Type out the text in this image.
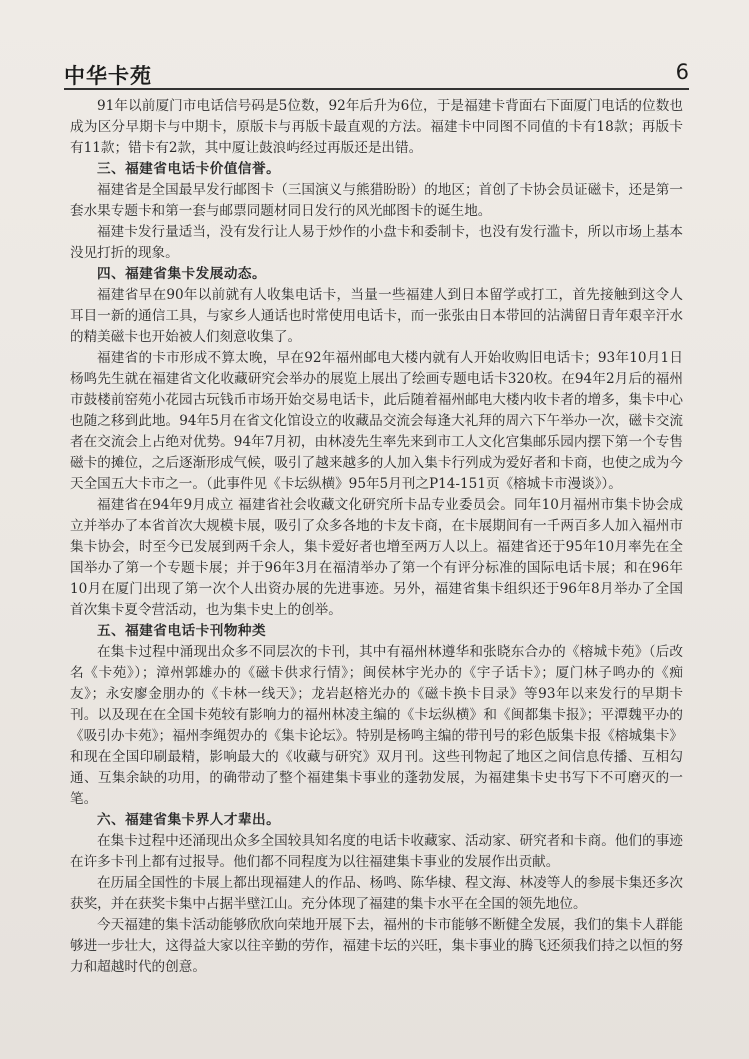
中华卡苑	6

91年以前厦门市电话信号码是5位数，92年后升为6位，于是福建卡背面右下面厦门电话的位数也成为区分早期卡与中期卡，原版卡与再版卡最直观的方法。福建卡中同图不同值的卡有18款；再版卡有11款；错卡有2款，其中厦让鼓浪屿经过再版还是出错。

三、福建省电话卡价值信誉。

福建省是全国最早发行邮图卡（三国演义与熊猎盼盼）的地区；首创了卡协会员证磁卡，还是第一套水果专题卡和第一套与邮票同题材同日发行的风光邮图卡的诞生地。

福建卡发行量适当，没有发行让人易于炒作的小盘卡和委制卡，也没有发行滥卡，所以市场上基本没见打折的现象。

四、福建省集卡发展动态。

福建省早在90年以前就有人收集电话卡，当量一些福建人到日本留学或打工，首先接触到这令人耳目一新的通信工具，与家乡人通话也时常使用电话卡，而一张张由日本带回的沾满留日青年艰辛汗水的精美磁卡也开始被人们刻意收集了。

福建省的卡市形成不算太晚，早在92年福州邮电大楼内就有人开始收购旧电话卡；93年10月1日杨鸣先生就在福建省文化收藏研究会举办的展览上展出了绘画专题电话卡320枚。在94年2月后的福州市鼓楼前窑苑小花园古玩钱币市场开始交易电话卡，此后随着福州邮电大楼内收卡者的增多，集卡中心也随之移到此地。94年5月在省文化馆设立的收藏品交流会每逢大礼拜的周六下午举办一次，磁卡交流者在交流会上占绝对优势。94年7月初，由林凌先生率先来到市工人文化宫集邮乐园内摆下第一个专售磁卡的摊位，之后逐渐形成气候，吸引了越来越多的人加入集卡行列成为爱好者和卡商，也使之成为今天全国五大卡市之一。（此事件见《卡坛纵横》95年5月刊之P14-151页《榕城卡市漫谈》）。

福建省在94年9月成立 福建省社会收藏文化研究所卡品专业委员会。同年10月福州市集卡协会成立并举办了本省首次大规模卡展，吸引了众多各地的卡友卡商，在卡展期间有一千两百多人加入福州市集卡协会，时至今已发展到两千余人，集卡爱好者也增至两万人以上。福建省还于95年10月率先在全国举办了第一个专题卡展；并于96年3月在福清举办了第一个有评分标准的国际电话卡展；和在96年10月在厦门出现了第一次个人出资办展的先进事迹。另外，福建省集卡组织还于96年8月举办了全国首次集卡夏令营活动，也为集卡史上的创举。

五、福建省电话卡刊物种类

在集卡过程中涌现出众多不同层次的卡刊，其中有福州林遵华和张晓东合办的《榕城卡苑》（后改名《卡苑》）；漳州郭雄办的《磁卡供求行情》；闽侯林宇光办的《宇子话卡》；厦门林子鸣办的《痴友》；永安廖金朋办的《卡林一线天》；龙岩赵榕光办的《磁卡换卡目录》等93年以来发行的早期卡刊。以及现在在全国卡苑较有影响力的福州林凌主编的《卡坛纵横》和《闽都集卡报》；平潭魏平办的《吸引办卡苑》；福州李绳贺办的《集卡论坛》。特别是杨鸣主编的带刊号的彩色版集卡报《榕城集卡》和现在全国印刷最精，影响最大的《收藏与研究》双月刊。这些刊物起了地区之间信息传播、互相勾通、互集余缺的功用，的确带动了整个福建集卡事业的蓬勃发展，为福建集卡史书写下不可磨灭的一笔。

六、福建省集卡界人才辈出。

在集卡过程中还涌现出众多全国较具知名度的电话卡收藏家、活动家、研究者和卡商。他们的事迹在许多卡刊上都有过报导。他们都不同程度为以往福建集卡事业的发展作出贡献。

在历届全国性的卡展上都出现福建人的作品、杨鸣、陈华棣、程文海、林凌等人的参展卡集还多次获奖，并在获奖卡集中占据半壁江山。充分体现了福建的集卡水平在全国的领先地位。

今天福建的集卡活动能够欣欣向荣地开展下去，福州的卡市能够不断健全发展，我们的集卡人群能够进一步壮大，这得益大家以往辛勤的劳作，福建卡坛的兴旺，集卡事业的腾飞还须我们持之以恒的努力和超越时代的创意。
